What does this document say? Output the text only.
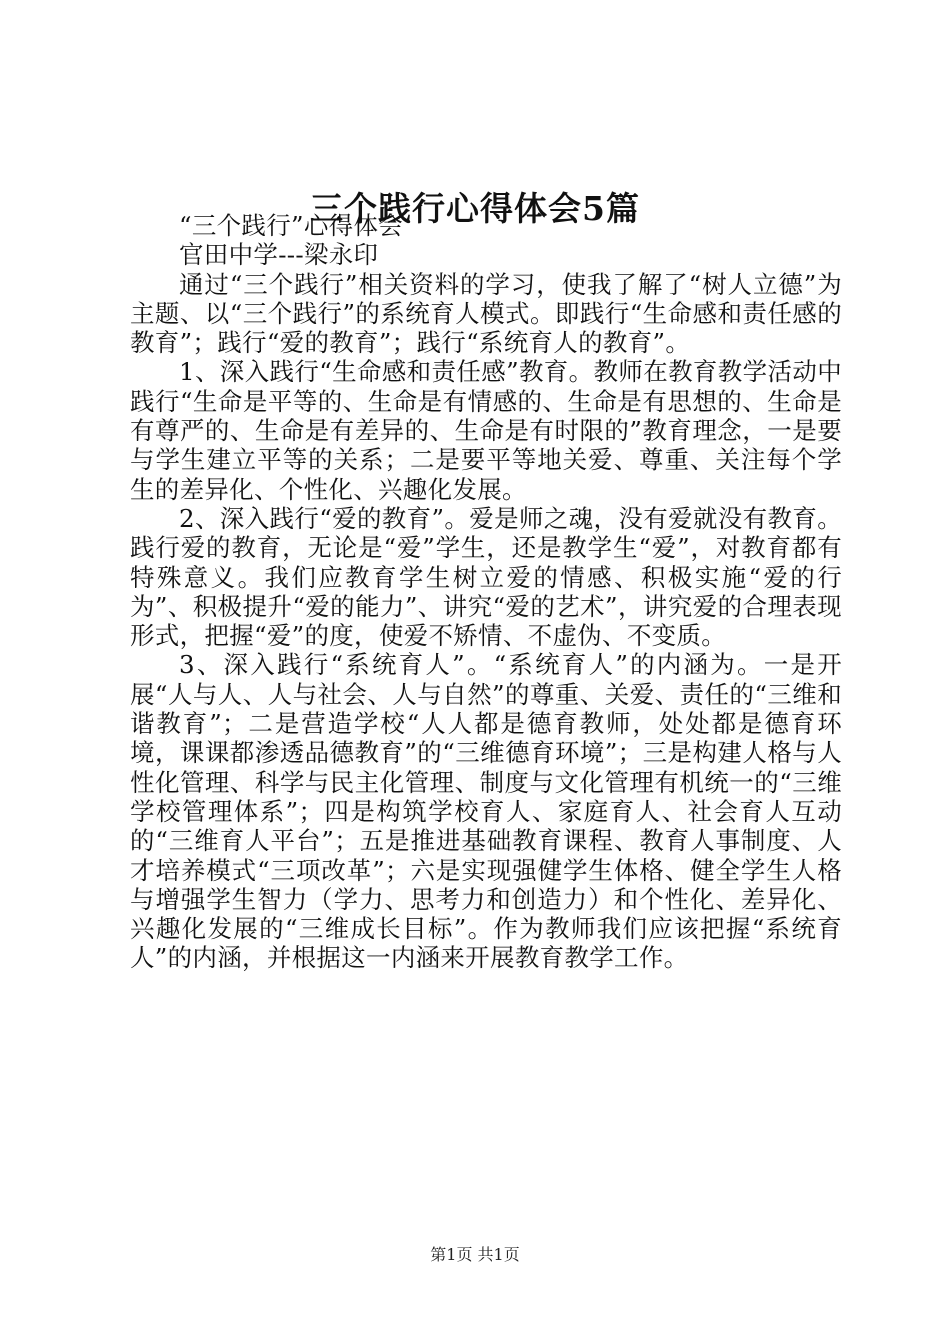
三个践行心得体会5篇

“三个践行”心得体会

官田中学---梁永印

通过“三个践行”相关资料的学习，使我了解了“树人立德”为主题、以“三个践行”的系统育人模式。即践行“生命感和责任感的教育”；践行“爱的教育”；践行“系统育人的教育”。

1、深入践行“生命感和责任感”教育。教师在教育教学活动中践行“生命是平等的、生命是有情感的、生命是有思想的、生命是有尊严的、生命是有差异的、生命是有时限的”教育理念，一是要与学生建立平等的关系；二是要平等地关爱、尊重、关注每个学生的差异化、个性化、兴趣化发展。

2、深入践行“爱的教育”。爱是师之魂，没有爱就没有教育。践行爱的教育，无论是“爱”学生，还是教学生“爱”，对教育都有特殊意义。我们应教育学生树立爱的情感、积极实施“爱的行为”、积极提升“爱的能力”、讲究“爱的艺术”，讲究爱的合理表现形式，把握“爱”的度，使爱不矫情、不虚伪、不变质。

3、深入践行“系统育人”。“系统育人”的内涵为。一是开展“人与人、人与社会、人与自然”的尊重、关爱、责任的“三维和谐教育”；二是营造学校“人人都是德育教师，处处都是德育环境，课课都渗透品德教育”的“三维德育环境”；三是构建人格与人性化管理、科学与民主化管理、制度与文化管理有机统一的“三维学校管理体系”；四是构筑学校育人、家庭育人、社会育人互动的“三维育人平台”；五是推进基础教育课程、教育人事制度、人才培养模式“三项改革”；六是实现强健学生体格、健全学生人格与增强学生智力（学力、思考力和创造力）和个性化、差异化、兴趣化发展的“三维成长目标”。作为教师我们应该把握“系统育人”的内涵，并根据这一内涵来开展教育教学工作。

第1页 共1页
